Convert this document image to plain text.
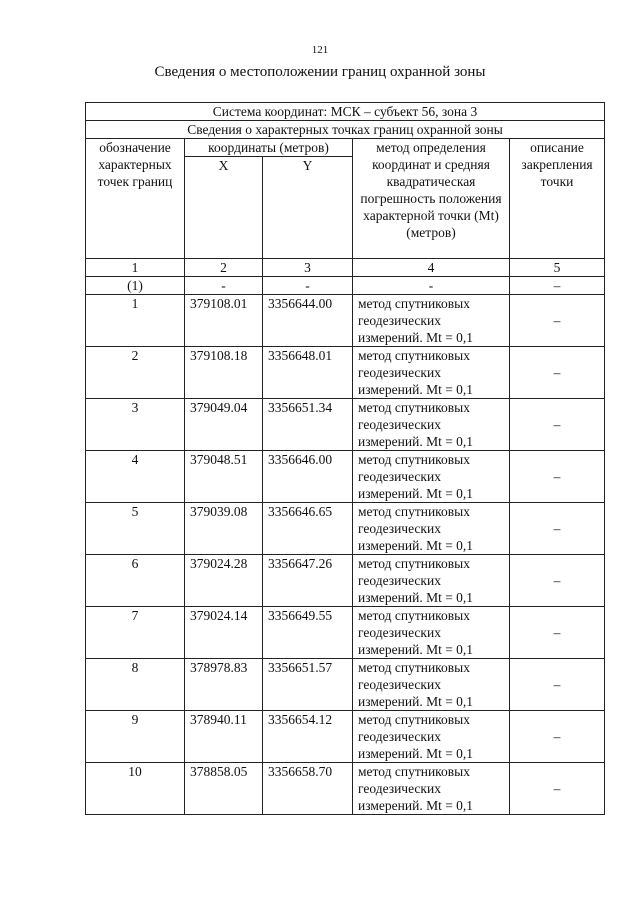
121
Сведения о местоположении границ охранной зоны
Система координат: МСК – субъект 56, зона 3				
Сведения о характерных точках границ охранной зоны				
обозначение характерных точек границ	координаты (метров)		метод определения координат и средняя квадратическая погрешность положения характерной точки (Mt) (метров)	описание закрепления точки
	X	Y		
1	2	3	4	5
(1)	-	-	-	–
1	379108.01	3356644.00	метод спутниковых геодезических измерений. Mt = 0,1	–
2	379108.18	3356648.01	метод спутниковых геодезических измерений. Mt = 0,1	–
3	379049.04	3356651.34	метод спутниковых геодезических измерений. Mt = 0,1	–
4	379048.51	3356646.00	метод спутниковых геодезических измерений. Mt = 0,1	–
5	379039.08	3356646.65	метод спутниковых геодезических измерений. Mt = 0,1	–
6	379024.28	3356647.26	метод спутниковых геодезических измерений. Mt = 0,1	–
7	379024.14	3356649.55	метод спутниковых геодезических измерений. Mt = 0,1	–
8	378978.83	3356651.57	метод спутниковых геодезических измерений. Mt = 0,1	–
9	378940.11	3356654.12	метод спутниковых геодезических измерений. Mt = 0,1	–
10	378858.05	3356658.70	метод спутниковых геодезических измерений. Mt = 0,1	–
